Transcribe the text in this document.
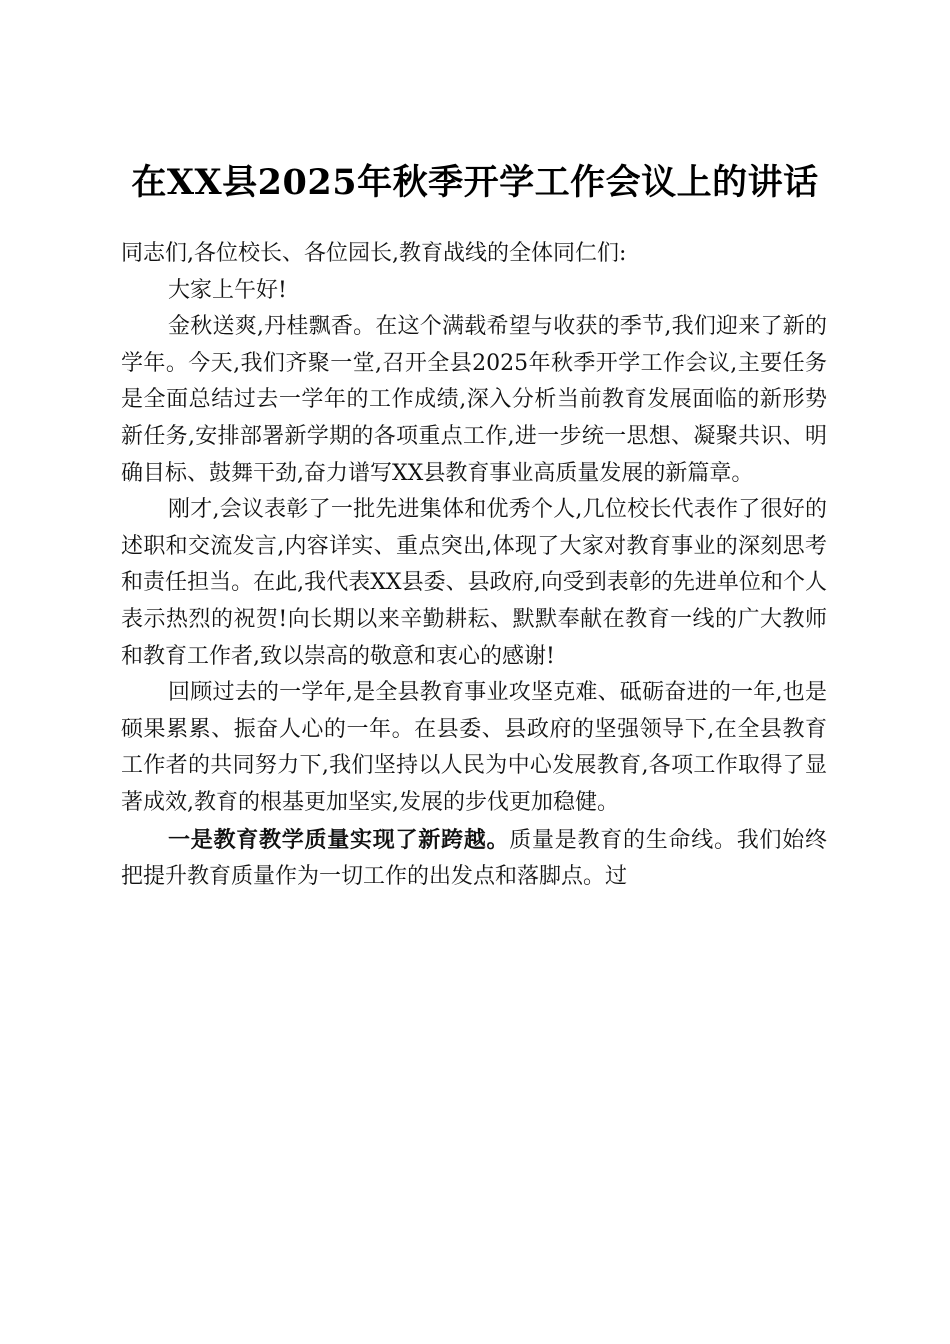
在XX县2025年秋季开学工作会议上的讲话

同志们,各位校长、各位园长,教育战线的全体同仁们:

大家上午好!

金秋送爽,丹桂飘香。在这个满载希望与收获的季节,我们迎来了新的学年。今天,我们齐聚一堂,召开全县2025年秋季开学工作会议,主要任务是全面总结过去一学年的工作成绩,深入分析当前教育发展面临的新形势新任务,安排部署新学期的各项重点工作,进一步统一思想、凝聚共识、明确目标、鼓舞干劲,奋力谱写XX县教育事业高质量发展的新篇章。

刚才,会议表彰了一批先进集体和优秀个人,几位校长代表作了很好的述职和交流发言,内容详实、重点突出,体现了大家对教育事业的深刻思考和责任担当。在此,我代表XX县委、县政府,向受到表彰的先进单位和个人表示热烈的祝贺!向长期以来辛勤耕耘、默默奉献在教育一线的广大教师和教育工作者,致以崇高的敬意和衷心的感谢!

回顾过去的一学年,是全县教育事业攻坚克难、砥砺奋进的一年,也是硕果累累、振奋人心的一年。在县委、县政府的坚强领导下,在全县教育工作者的共同努力下,我们坚持以人民为中心发展教育,各项工作取得了显著成效,教育的根基更加坚实,发展的步伐更加稳健。

一是教育教学质量实现了新跨越。质量是教育的生命线。我们始终把提升教育质量作为一切工作的出发点和落脚点。过
